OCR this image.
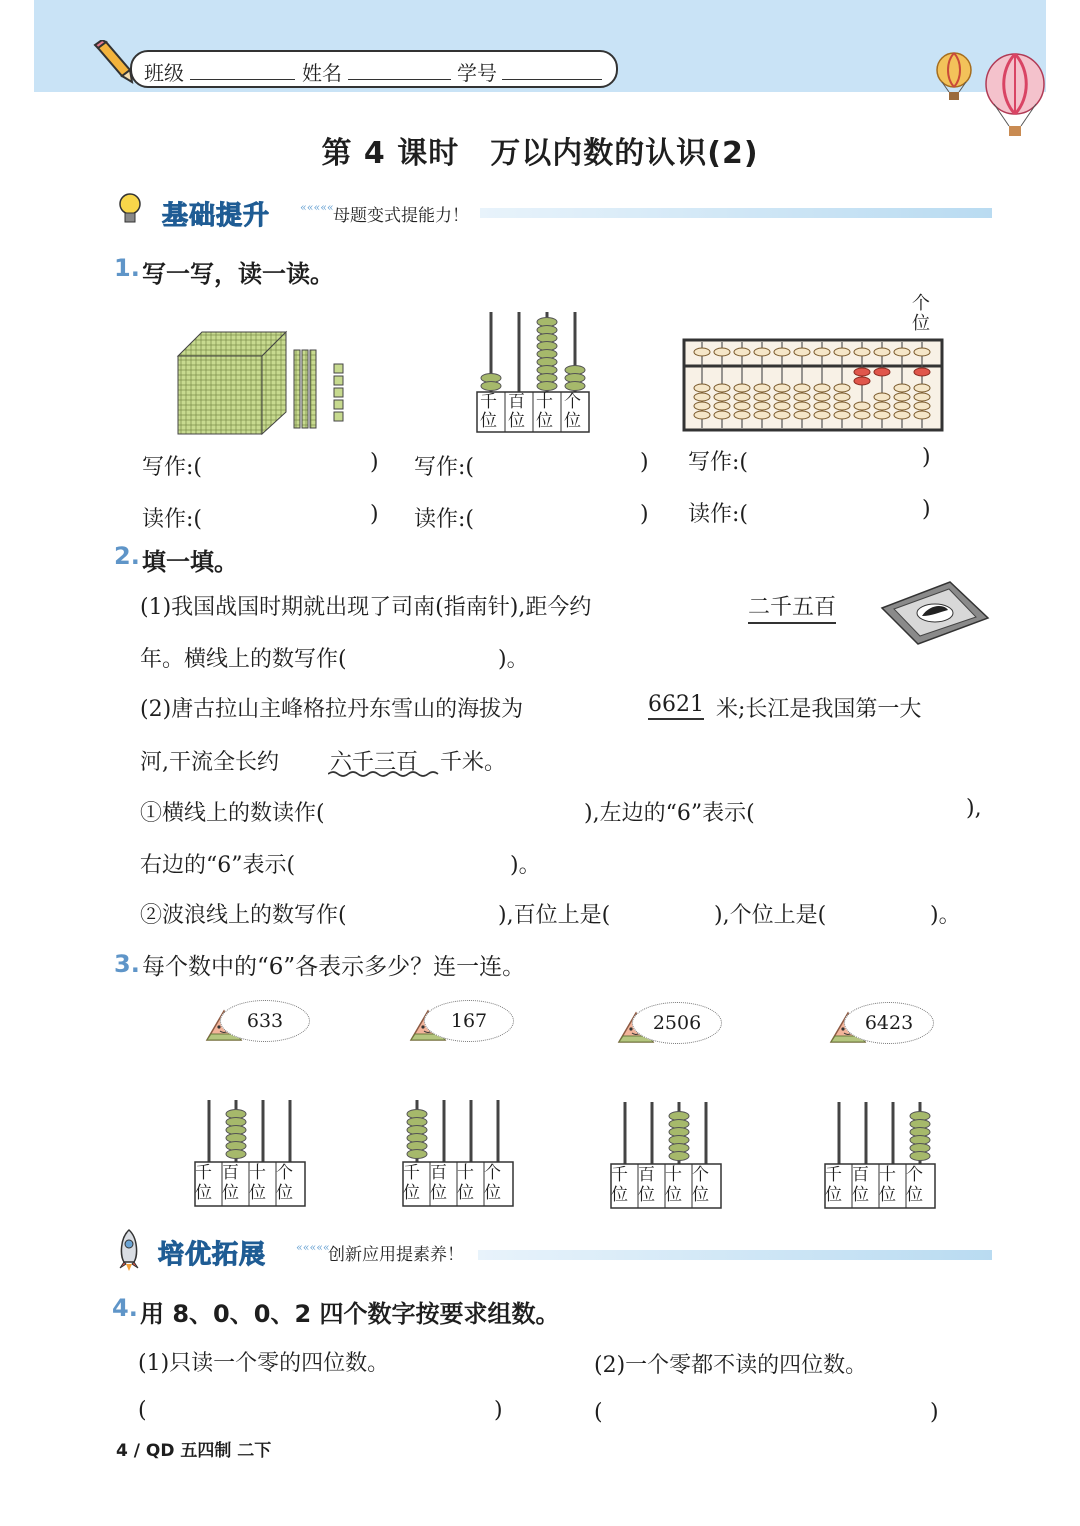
班级	姓名	学号
第 4 课时　万以内数的认识(2)
基础提升	««««« 母题变式提能力！
1. 写一写，读一读。
千位
百位
十位
个位
个位
写作:(	)
读作:(	)
写作:(	)
读作:(	)
写作:(	)
读作:(	)
2. 填一填。
(1)我国战国时期就出现了司南(指南针),距今约	二千五百
年。横线上的数写作(	)。
(2)唐古拉山主峰格拉丹东雪山的海拔为	6621 米;长江是我国第一大
河,干流全长约 六千三百 千米。
①横线上的数读作(	),左边的“6”表示(	),
右边的“6”表示(	)。
②波浪线上的数写作(	),百位上是(	),个位上是(	)。
3. 每个数中的“6”各表示多少？连一连。
633	167	2506	6423
千位
百位
十位
个位
千位
百位
十位
个位
千位
百位
十位
个位
千位
百位
十位
个位
培优拓展	«««««
创新应用提素养！
4. 用 8、0、0、2 四个数字按要求组数。
(1)只读一个零的四位数。	(2)一个零都不读的四位数。
(	)	(	)
4 / QD 五四制 二下
